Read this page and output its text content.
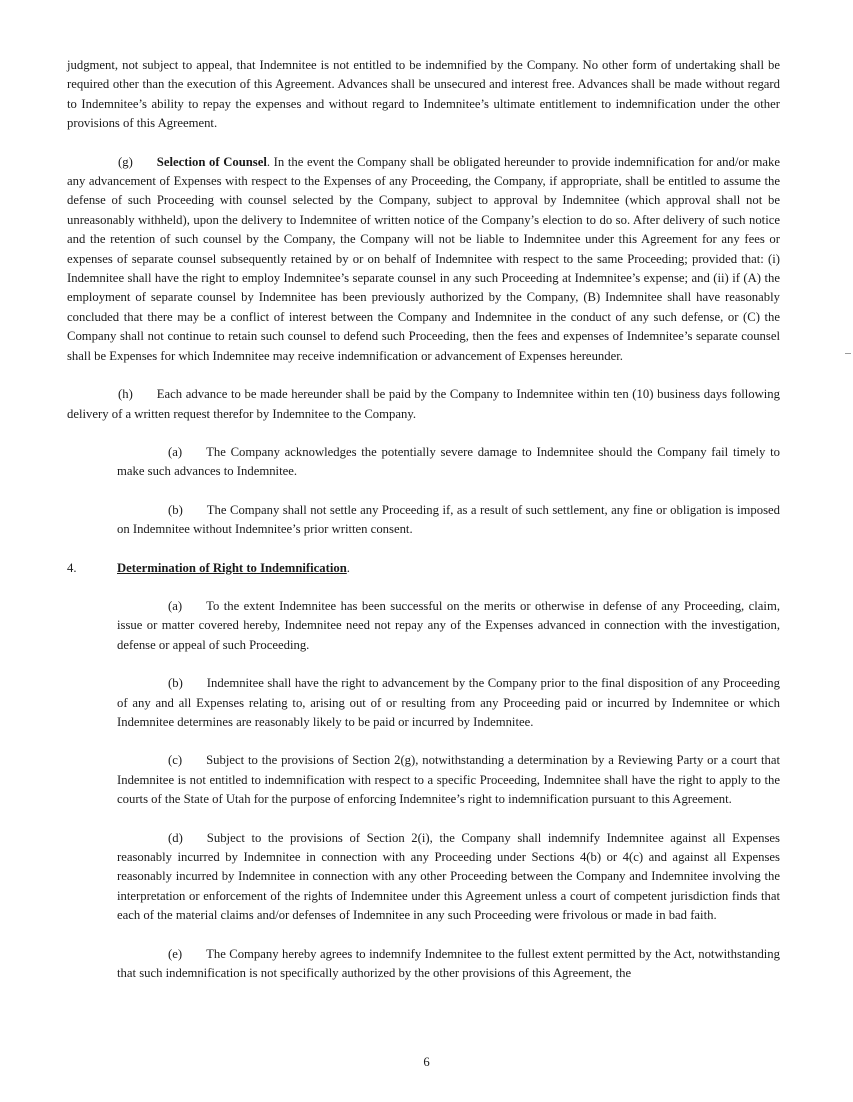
judgment, not subject to appeal, that Indemnitee is not entitled to be indemnified by the Company. No other form of undertaking shall be required other than the execution of this Agreement. Advances shall be unsecured and interest free. Advances shall be made without regard to Indemnitee’s ability to repay the expenses and without regard to Indemnitee’s ultimate entitlement to indemnification under the other provisions of this Agreement.

(g) Selection of Counsel. In the event the Company shall be obligated hereunder to provide indemnification for and/or make any advancement of Expenses with respect to the Expenses of any Proceeding, the Company, if appropriate, shall be entitled to assume the defense of such Proceeding with counsel selected by the Company, subject to approval by Indemnitee (which approval shall not be unreasonably withheld), upon the delivery to Indemnitee of written notice of the Company’s election to do so. After delivery of such notice and the retention of such counsel by the Company, the Company will not be liable to Indemnitee under this Agreement for any fees or expenses of separate counsel subsequently retained by or on behalf of Indemnitee with respect to the same Proceeding; provided that: (i) Indemnitee shall have the right to employ Indemnitee’s separate counsel in any such Proceeding at Indemnitee’s expense; and (ii) if (A) the employment of separate counsel by Indemnitee has been previously authorized by the Company, (B) Indemnitee shall have reasonably concluded that there may be a conflict of interest between the Company and Indemnitee in the conduct of any such defense, or (C) the Company shall not continue to retain such counsel to defend such Proceeding, then the fees and expenses of Indemnitee’s separate counsel shall be Expenses for which Indemnitee may receive indemnification or advancement of Expenses hereunder.

(h) Each advance to be made hereunder shall be paid by the Company to Indemnitee within ten (10) business days following delivery of a written request therefor by Indemnitee to the Company.

(a) The Company acknowledges the potentially severe damage to Indemnitee should the Company fail timely to make such advances to Indemnitee.

(b) The Company shall not settle any Proceeding if, as a result of such settlement, any fine or obligation is imposed on Indemnitee without Indemnitee’s prior written consent.

4.	Determination of Right to Indemnification.

(a) To the extent Indemnitee has been successful on the merits or otherwise in defense of any Proceeding, claim, issue or matter covered hereby, Indemnitee need not repay any of the Expenses advanced in connection with the investigation, defense or appeal of such Proceeding.

(b) Indemnitee shall have the right to advancement by the Company prior to the final disposition of any Proceeding of any and all Expenses relating to, arising out of or resulting from any Proceeding paid or incurred by Indemnitee or which Indemnitee determines are reasonably likely to be paid or incurred by Indemnitee.

(c) Subject to the provisions of Section 2(g), notwithstanding a determination by a Reviewing Party or a court that Indemnitee is not entitled to indemnification with respect to a specific Proceeding, Indemnitee shall have the right to apply to the courts of the State of Utah for the purpose of enforcing Indemnitee’s right to indemnification pursuant to this Agreement.

(d) Subject to the provisions of Section 2(i), the Company shall indemnify Indemnitee against all Expenses reasonably incurred by Indemnitee in connection with any Proceeding under Sections 4(b) or 4(c) and against all Expenses reasonably incurred by Indemnitee in connection with any other Proceeding between the Company and Indemnitee involving the interpretation or enforcement of the rights of Indemnitee under this Agreement unless a court of competent jurisdiction finds that each of the material claims and/or defenses of Indemnitee in any such Proceeding were frivolous or made in bad faith.

(e) The Company hereby agrees to indemnify Indemnitee to the fullest extent permitted by the Act, notwithstanding that such indemnification is not specifically authorized by the other provisions of this Agreement, the

6
